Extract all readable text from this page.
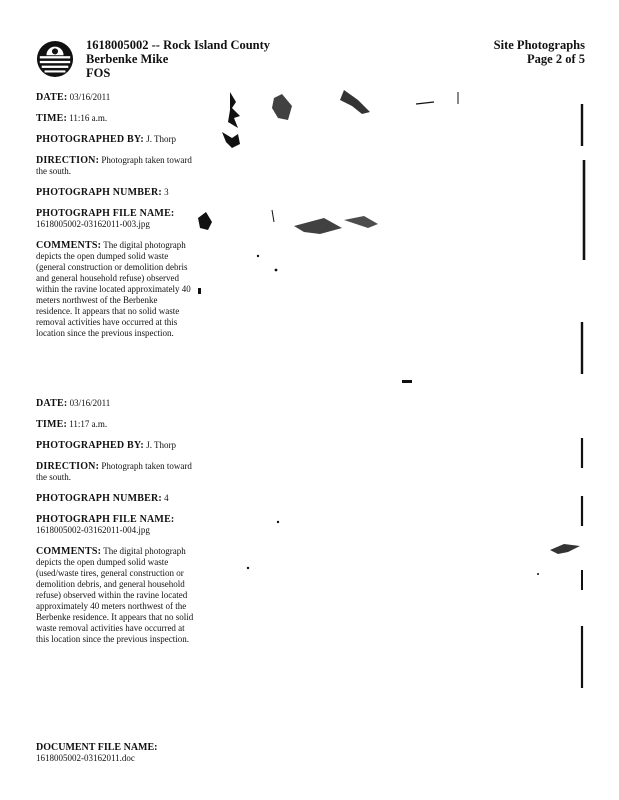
1618005002 -- Rock Island County
Berbenke Mike
FOS
Site Photographs
Page 2 of 5
DATE: 03/16/2011
TIME: 11:16 a.m.
PHOTOGRAPHED BY: J. Thorp
DIRECTION: Photograph taken toward the south.
PHOTOGRAPH NUMBER: 3
PHOTOGRAPH FILE NAME:
1618005002-03162011-003.jpg
COMMENTS: The digital photograph depicts the open dumped solid waste (general construction or demolition debris and general household refuse) observed within the ravine located approximately 40 meters northwest of the Berbenke residence. It appears that no solid waste removal activities have occurred at this location since the previous inspection.
DATE: 03/16/2011
TIME: 11:17 a.m.
PHOTOGRAPHED BY: J. Thorp
DIRECTION: Photograph taken toward the south.
PHOTOGRAPH NUMBER: 4
PHOTOGRAPH FILE NAME:
1618005002-03162011-004.jpg
COMMENTS: The digital photograph depicts the open dumped solid waste (used/waste tires, general construction or demolition debris, and general household refuse) observed within the ravine located approximately 40 meters northwest of the Berbenke residence. It appears that no solid waste removal activities have occurred at this location since the previous inspection.
DOCUMENT FILE NAME:
1618005002-03162011.doc
